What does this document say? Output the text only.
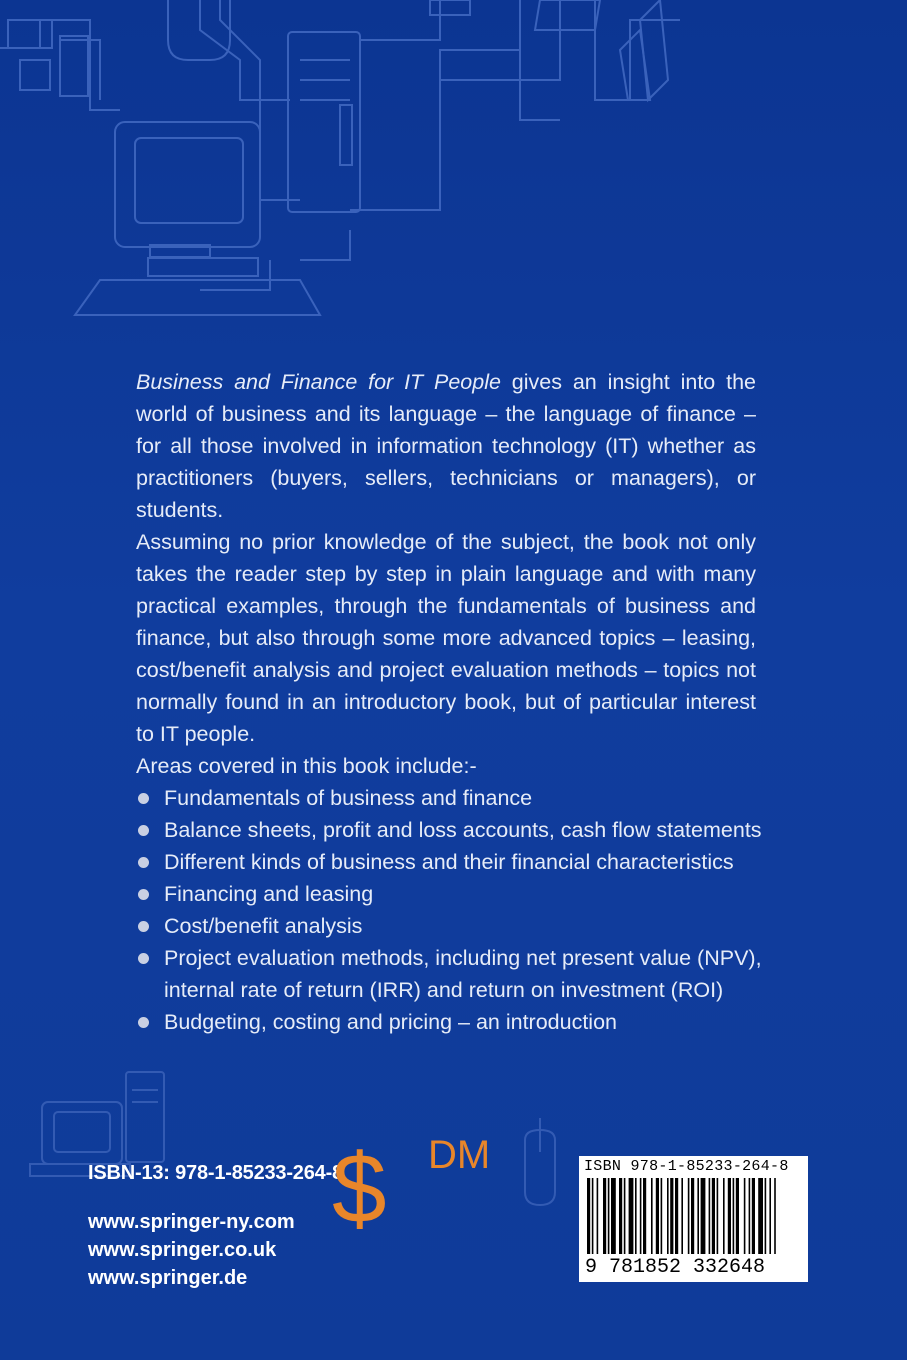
Business and Finance for IT People gives an insight into the world of business and its language – the language of finance – for all those involved in information technology (IT) whether as practitioners (buyers, sellers, technicians or managers), or students.

Assuming no prior knowledge of the subject, the book not only takes the reader step by step in plain language and with many practical examples, through the fundamentals of business and finance, but also through some more advanced topics – leasing, cost/benefit analysis and project evaluation methods – topics not normally found in an introductory book, but of particular interest to IT people.

Areas covered in this book include:-

Fundamentals of business and finance
Balance sheets, profit and loss accounts, cash flow statements
Different kinds of business and their financial characteristics
Financing and leasing
Cost/benefit analysis
Project evaluation methods, including net present value (NPV), internal rate of return (IRR) and return on investment (ROI)
Budgeting, costing and pricing – an introduction
ISBN-13: 978-1-85233-264-8
www.springer-ny.com
www.springer.co.uk
www.springer.de
$ DM	ISBN 978-1-85233-264-8
9 781852 332648
